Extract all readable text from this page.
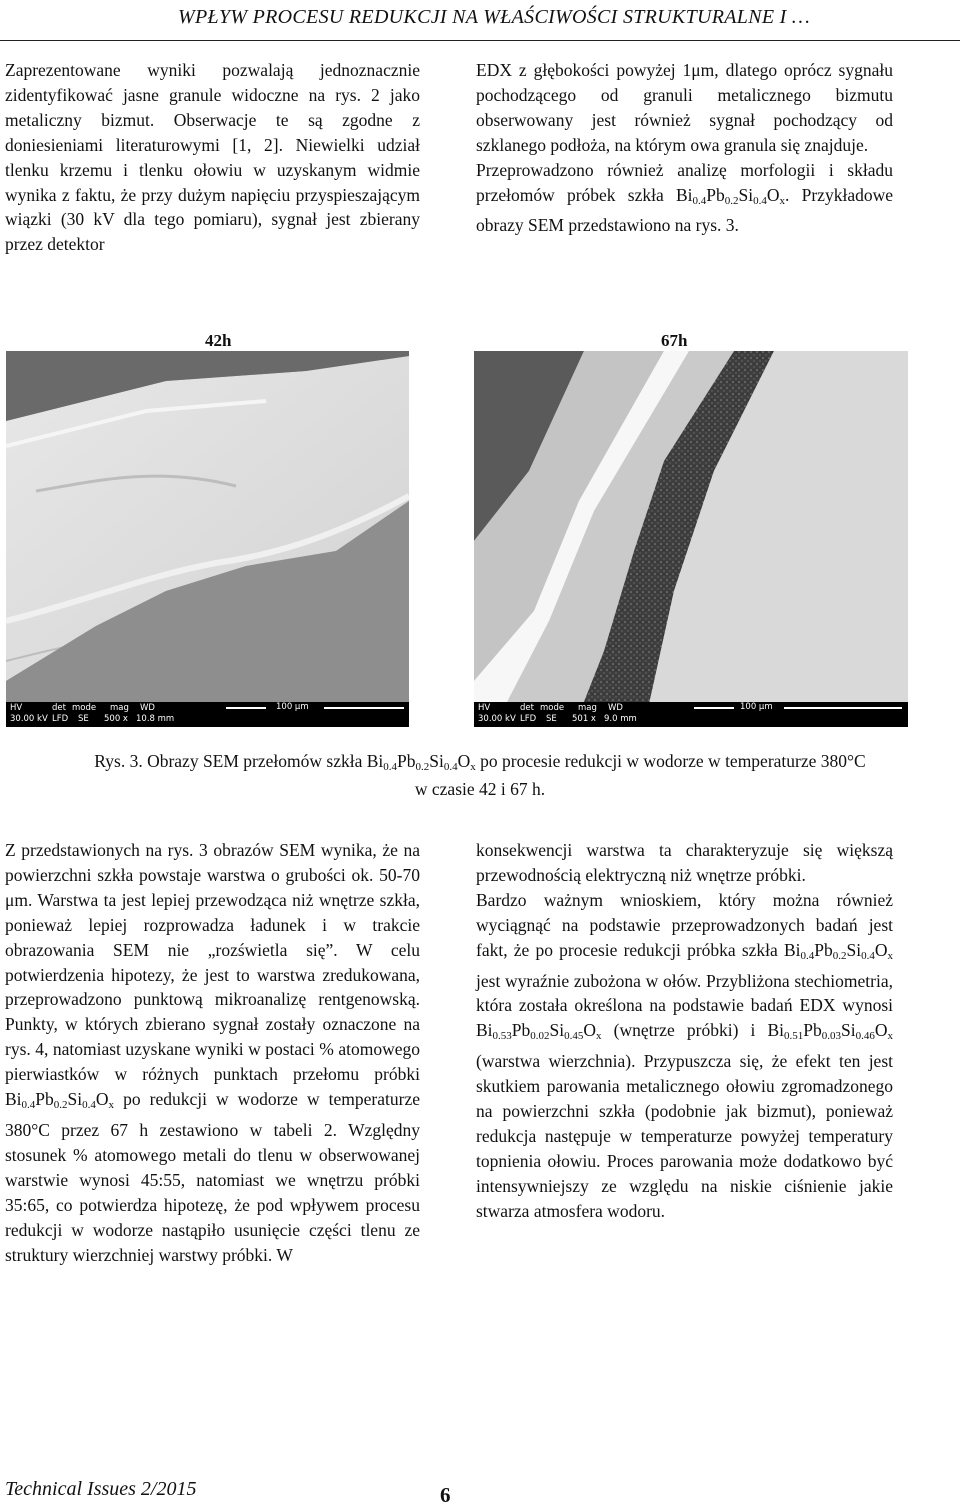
WPŁYW PROCESU REDUKCJI NA WŁAŚCIWOŚCI STRUKTURALNE I …

Zaprezentowane wyniki pozwalają jednoznacznie zidentyfikować jasne granule widoczne na rys. 2 jako metaliczny bizmut. Obserwacje te są zgodne z doniesieniami literaturowymi [1, 2]. Niewielki udział tlenku krzemu i tlenku ołowiu w uzyskanym widmie wynika z faktu, że przy dużym napięciu przyspieszającym wiązki (30 kV dla tego pomiaru), sygnał jest zbierany przez detektor

EDX z głębokości powyżej 1μm, dlatego oprócz sygnału pochodzącego od granuli metalicznego bizmutu obserwowany jest również sygnał pochodzący od szklanego podłoża, na którym owa granula się znajduje.

Przeprowadzono również analizę morfologii i składu przełomów próbek szkła $Bi_{0.4}Pb_{0.2}Si_{0.4}O_x$. Przykładowe obrazy SEM przedstawiono na rys. 3.

42h	67h
HV	det mode mag WD
30.00 kV LFD SE 500 x 10.8 mm
100 μm	HV	det mode mag WD
30.00 kV LFD SE 501 x 9.0 mm
100 μm
Rys. 3. Obrazy SEM przełomów szkła $Bi_{0.4}Pb_{0.2}Si_{0.4}O_x$ po procesie redukcji w wodorze w temperaturze 380°C
w czasie 42 i 67 h.

Z przedstawionych na rys. 3 obrazów SEM wynika, że na powierzchni szkła powstaje warstwa o grubości ok. 50-70 μm. Warstwa ta jest lepiej przewodząca niż wnętrze szkła, ponieważ lepiej rozprowadza ładunek i w trakcie obrazowania SEM nie „rozświetla się”. W celu potwierdzenia hipotezy, że jest to warstwa zredukowana, przeprowadzono punktową mikroanalizę rentgenowską. Punkty, w których zbierano sygnał zostały oznaczone na rys. 4, natomiast uzyskane wyniki w postaci % atomowego pierwiastków w różnych punktach przełomu próbki $Bi_{0.4}Pb_{0.2}Si_{0.4}O_x$ po redukcji w wodorze w temperaturze 380°C przez 67 h zestawiono w tabeli 2. Względny stosunek % atomowego metali do tlenu w obserwowanej warstwie wynosi 45:55, natomiast we wnętrzu próbki 35:65, co potwierdza hipotezę, że pod wpływem procesu redukcji w wodorze nastąpiło usunięcie części tlenu ze struktury wierzchniej warstwy próbki. W

konsekwencji warstwa ta charakteryzuje się większą przewodnością elektryczną niż wnętrze próbki.

Bardzo ważnym wnioskiem, który można również wyciągnąć na podstawie przeprowadzonych badań jest fakt, że po procesie redukcji próbka szkła $Bi_{0.4}Pb_{0.2}Si_{0.4}O_x$ jest wyraźnie zubożona w ołów. Przybliżona stechiometria, która została określona na podstawie badań EDX wynosi $Bi_{0.53}Pb_{0.02}Si_{0.45}O_x$ (wnętrze próbki) i $Bi_{0.51}Pb_{0.03}Si_{0.46}O_x$ (warstwa wierzchnia). Przypuszcza się, że efekt ten jest skutkiem parowania metalicznego ołowiu zgromadzonego na powierzchni szkła (podobnie jak bizmut), ponieważ redukcja następuje w temperaturze powyżej temperatury topnienia ołowiu. Proces parowania może dodatkowo być intensywniejszy ze względu na niskie ciśnienie jakie stwarza atmosfera wodoru.

Technical Issues 2/2015	6
